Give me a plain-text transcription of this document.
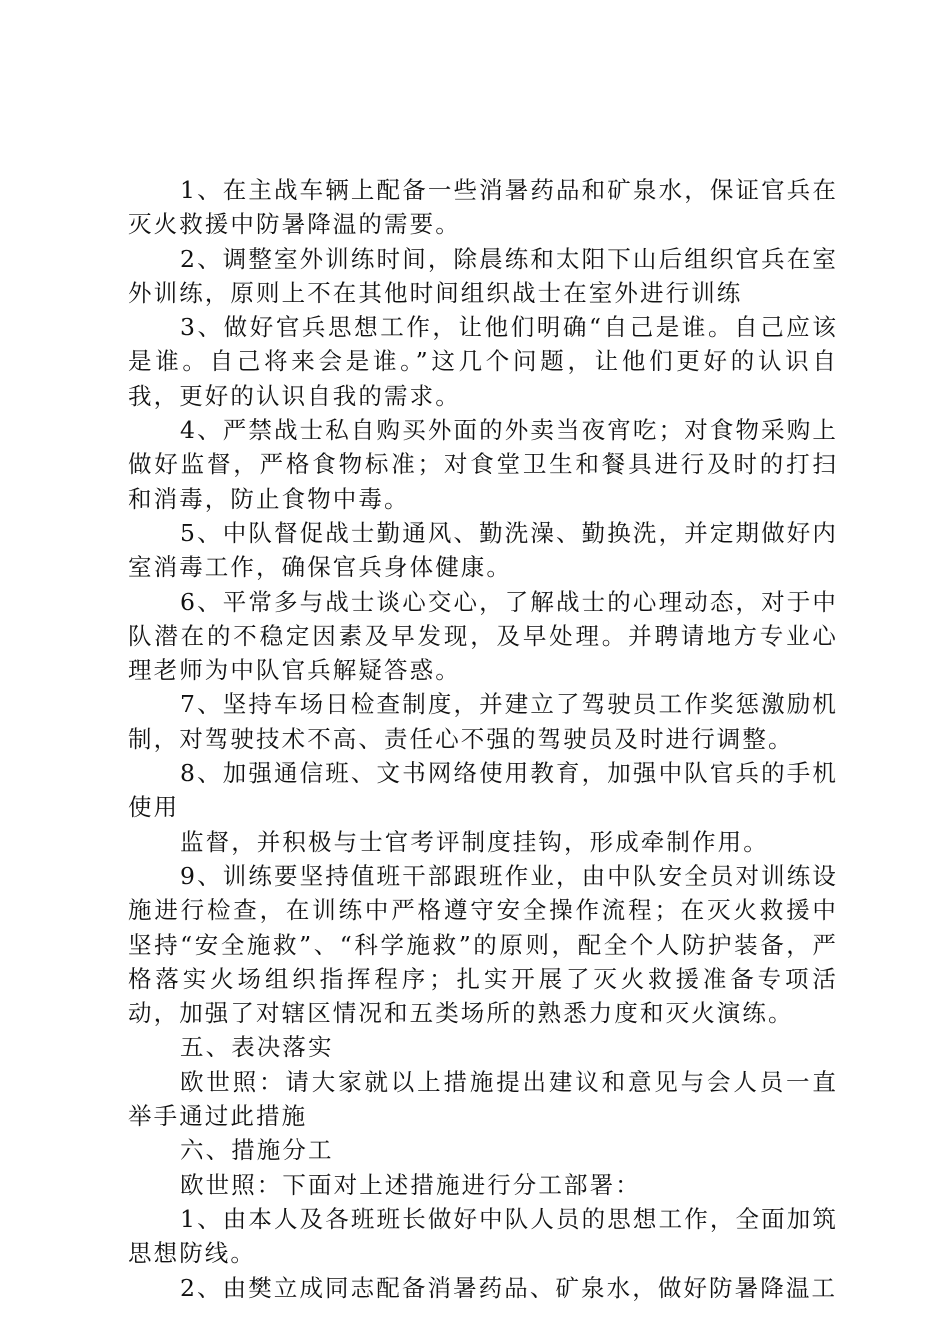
1、在主战车辆上配备一些消暑药品和矿泉水，保证官兵在灭火救援中防暑降温的需要。

2、调整室外训练时间，除晨练和太阳下山后组织官兵在室外训练，原则上不在其他时间组织战士在室外进行训练

3、做好官兵思想工作，让他们明确“自己是谁。自己应该是谁。自己将来会是谁。”这几个问题，让他们更好的认识自我，更好的认识自我的需求。

4、严禁战士私自购买外面的外卖当夜宵吃；对食物采购上做好监督，严格食物标准；对食堂卫生和餐具进行及时的打扫和消毒，防止食物中毒。

5、中队督促战士勤通风、勤洗澡、勤换洗，并定期做好内室消毒工作，确保官兵身体健康。

6、平常多与战士谈心交心，了解战士的心理动态，对于中队潜在的不稳定因素及早发现，及早处理。并聘请地方专业心理老师为中队官兵解疑答惑。

7、坚持车场日检查制度，并建立了驾驶员工作奖惩激励机制，对驾驶技术不高、责任心不强的驾驶员及时进行调整。

8、加强通信班、文书网络使用教育，加强中队官兵的手机使用

监督，并积极与士官考评制度挂钩，形成牵制作用。

9、训练要坚持值班干部跟班作业，由中队安全员对训练设施进行检查，在训练中严格遵守安全操作流程；在灭火救援中坚持“安全施救”、“科学施救”的原则，配全个人防护装备，严格落实火场组织指挥程序；扎实开展了灭火救援准备专项活动，加强了对辖区情况和五类场所的熟悉力度和灭火演练。

五、表决落实

欧世照：请大家就以上措施提出建议和意见与会人员一直举手通过此措施

六、措施分工

欧世照：下面对上述措施进行分工部署：

1、由本人及各班班长做好中队人员的思想工作，全面加筑思想防线。

2、由樊立成同志配备消暑药品、矿泉水，做好防暑降温工
